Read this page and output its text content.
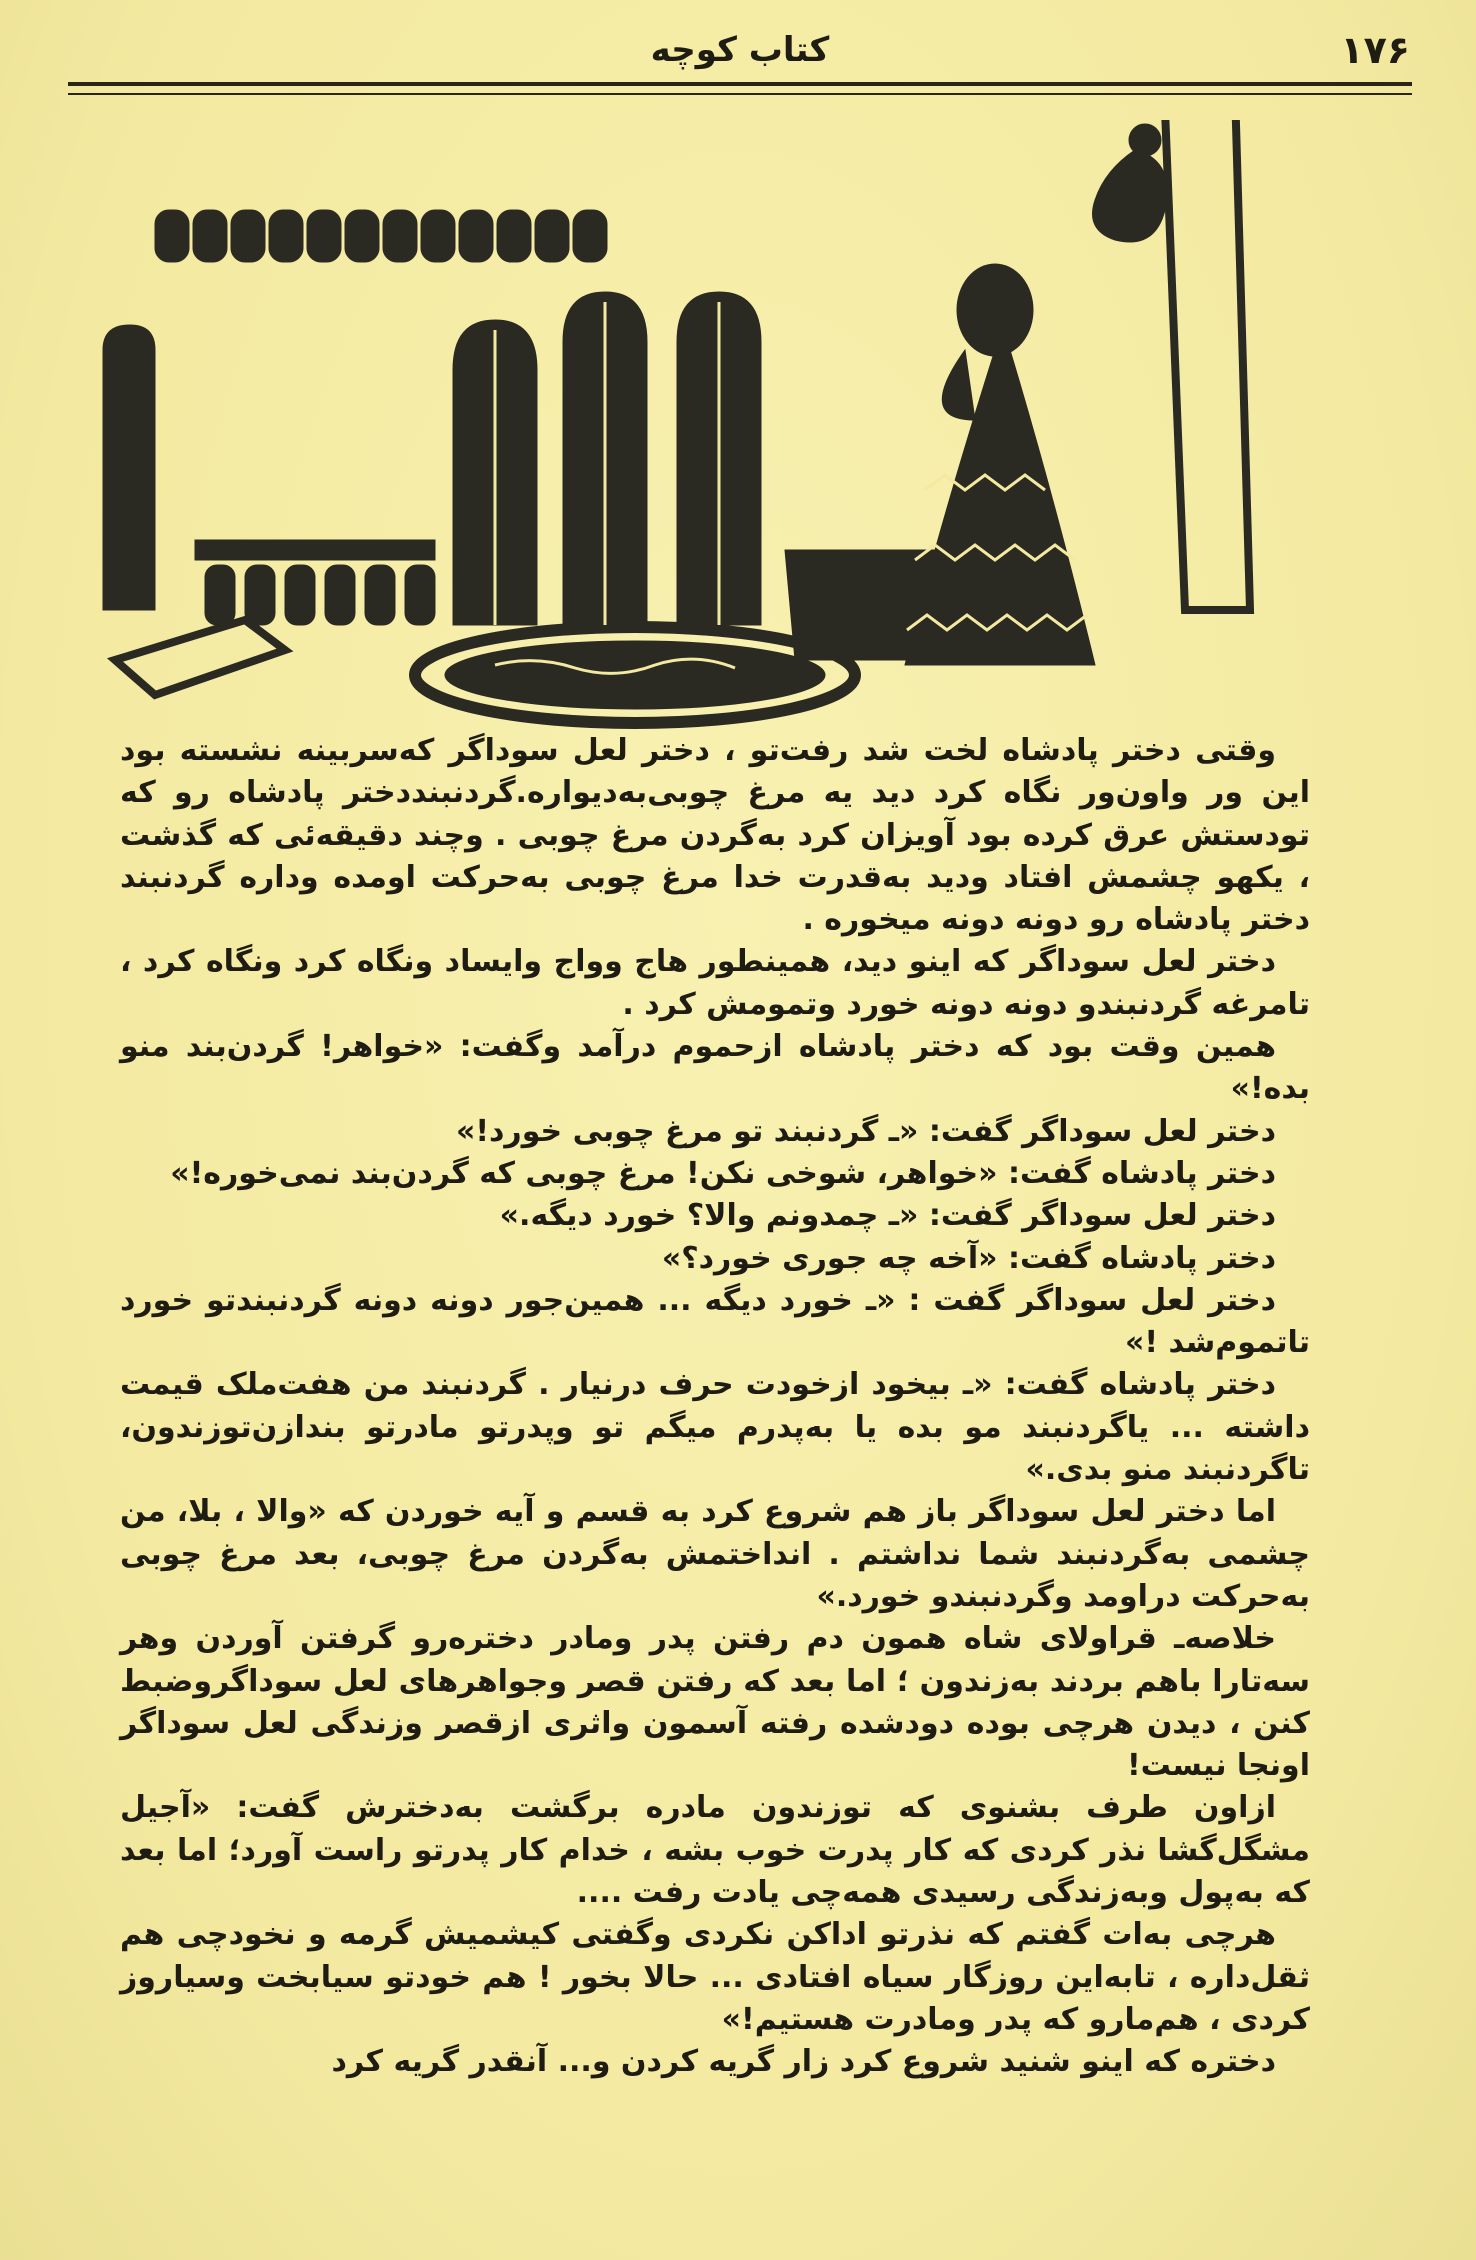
۱۷۶
کتاب کوچه

وقتی دختر پادشاه لخت شد رفت‌تو ، دختر لعل سوداگر که‌سربینه نشسته بود این ور واون‌ور نگاه کرد دید یه مرغ چوبی‌به‌دیواره.گردنبنددختر پادشاه رو که تودستش عرق کرده بود آویزان کرد به‌گردن مرغ چوبی . وچند دقیقه‌ئی که گذشت ، یکهو چشمش افتاد ودید به‌قدرت خدا مرغ چوبی به‌حرکت اومده وداره گردنبند دختر پادشاه رو دونه دونه میخوره .

دختر لعل سوداگر که اینو دید، همینطور هاج وواج وایساد ونگاه کرد ونگاه کرد ، تامرغه گردنبندو دونه دونه خورد وتمومش کرد .

همین وقت بود که دختر پادشاه ازحموم درآمد وگفت: «خواهر! گردن‌بند منو بده!»

دختر لعل سوداگر گفت: «ـ گردنبند تو مرغ چوبی خورد!»

دختر پادشاه گفت: «خواهر، شوخی نکن! مرغ چوبی که گردن‌بند نمی‌خوره!»

دختر لعل سوداگر گفت: «ـ چمدونم والا؟ خورد دیگه.»

دختر پادشاه گفت: «آخه چه جوری خورد؟»

دختر لعل سوداگر گفت : «ـ خورد دیگه ... همین‌جور دونه دونه گردنبندتو خورد تاتموم‌شد !»

دختر پادشاه گفت: «ـ بیخود ازخودت حرف درنیار . گردنبند من هفت‌ملک قیمت داشته ... یاگردنبند مو بده یا به‌پدرم میگم تو وپدرتو مادرتو بندازن‌توزندون، تاگردنبند منو بدی.»

اما دختر لعل سوداگر باز هم شروع کرد به قسم و آیه خوردن که «والا ، بلا، من چشمی به‌گردنبند شما نداشتم . انداختمش به‌گردن مرغ چوبی، بعد مرغ چوبی به‌حرکت دراومد وگردنبندو خورد.»

خلاصه‌ـ قراولای شاه همون دم رفتن پدر ومادر دختره‌رو گرفتن آوردن وهر سه‌تارا باهم بردند به‌زندون ؛ اما بعد که رفتن قصر وجواهرهای لعل سوداگروضبط کنن ، دیدن هرچی بوده دودشده رفته آسمون واثری ازقصر وزندگی لعل سوداگر اونجا نیست!

ازاون طرف بشنوی که توزندون مادره برگشت به‌دخترش گفت: «آجیل مشگل‌گشا نذر کردی که کار پدرت خوب بشه ، خدام کار پدرتو راست آورد؛ اما بعد که به‌پول وبه‌زندگی رسیدی همه‌چی یادت رفت ....

هرچی به‌ات گفتم که نذرتو اداکن نکردی وگفتی کیشمیش گرمه و نخودچی هم ثقل‌داره ، تابه‌این روزگار سیاه افتادی ... حالا بخور ! هم خودتو سیابخت وسیاروز کردی ، هم‌مارو که پدر ومادرت هستیم!»

دختره که اینو شنید شروع کرد زار گریه کردن و... آنقدر گریه کرد
